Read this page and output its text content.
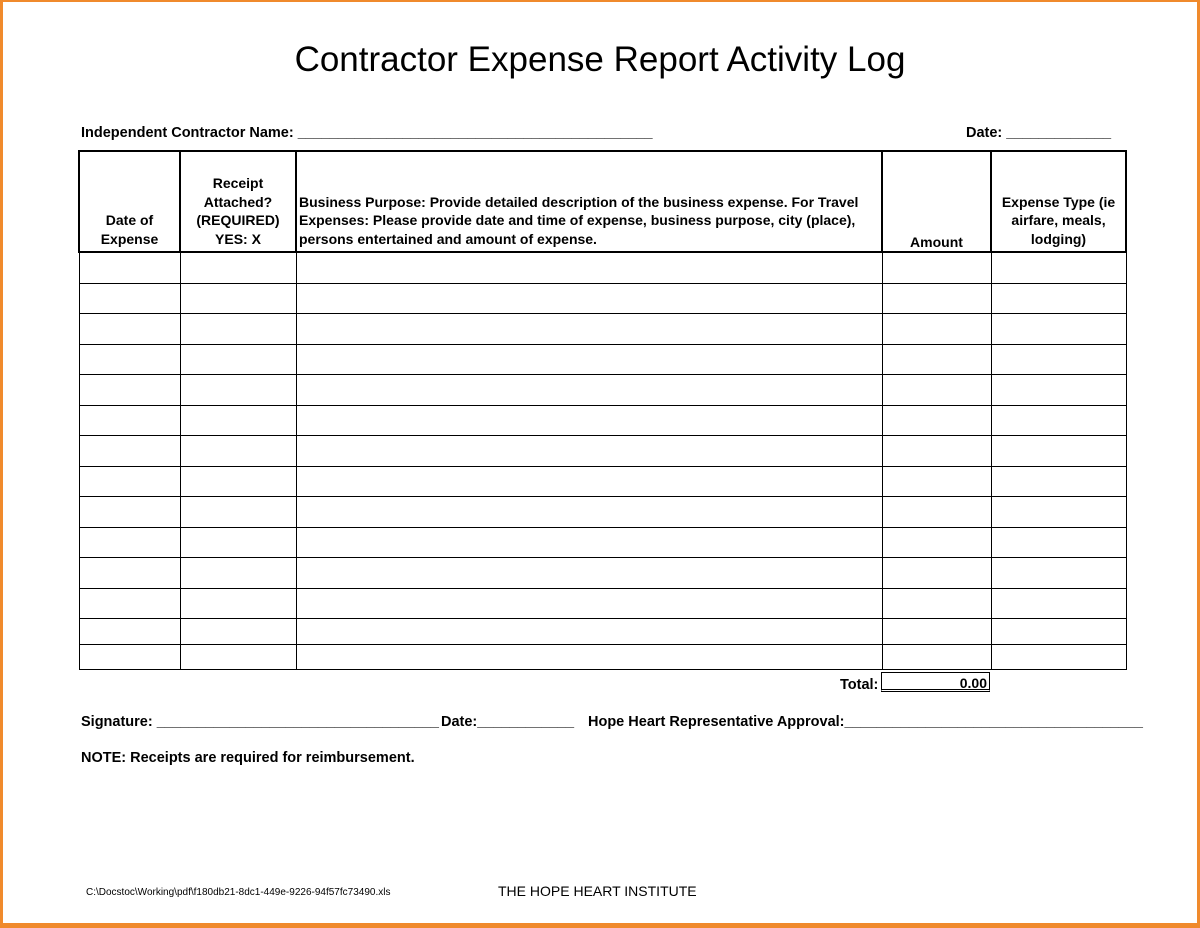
Contractor Expense Report Activity Log
Independent Contractor Name: ____________________________________________	Date: _____________
Date of Expense	Receipt Attached? (REQUIRED) YES: X	Business Purpose: Provide detailed description of the business expense. For Travel Expenses: Please provide date and time of expense, business purpose, city (place), persons entertained and amount of expense.	Amount	Expense Type (ie airfare, meals, lodging)

Total:	0.00
Signature: ___________________________________ Date:____________ Hope Heart Representative Approval:_____________________________________
NOTE: Receipts are required for reimbursement.
C:\Docstoc\Working\pdf\f180db21-8dc1-449e-9226-94f57fc73490.xls	THE HOPE HEART INSTITUTE
